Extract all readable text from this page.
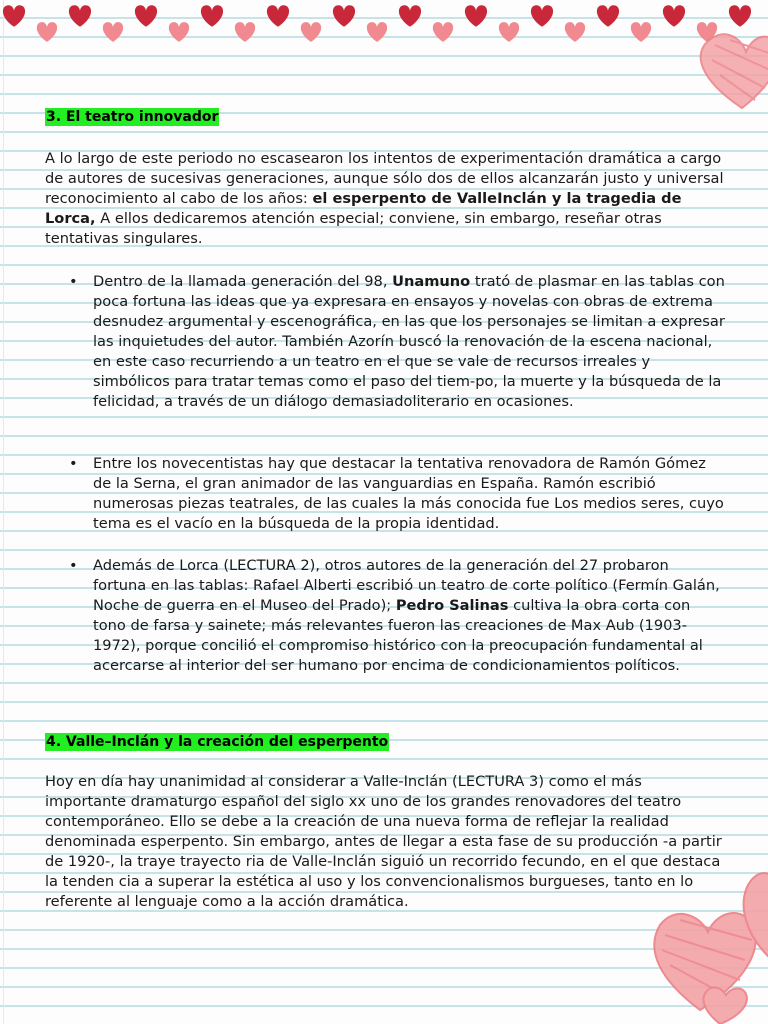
3. El teatro innovador

A lo largo de este periodo no escasearon los intentos de experimentación dramática a cargo de autores de sucesivas generaciones, aunque sólo dos de ellos alcanzarán justo y universal reconocimiento al cabo de los años: el esperpento de ValleInclán y la tragedia de Lorca, A ellos dedicaremos atención especial; conviene, sin embargo, reseñar otras tentativas singulares.

• Dentro de la llamada generación del 98, Unamuno trató de plasmar en las tablas con poca fortuna las ideas que ya expresara en ensayos y novelas con obras de extrema desnudez argumental y escenográfica, en las que los personajes se limitan a expresar las inquietudes del autor. También Azorín buscó la renovación de la escena nacional, en este caso recurriendo a un teatro en el que se vale de recursos irreales y simbólicos para tratar temas como el paso del tiem-po, la muerte y la búsqueda de la felicidad, a través de un diálogo demasiadoliterario en ocasiones.
• Entre los novecentistas hay que destacar la tentativa renovadora de Ramón Gómez de la Serna, el gran animador de las vanguardias en España. Ramón escribió numerosas piezas teatrales, de las cuales la más conocida fue Los medios seres, cuyo tema es el vacío en la búsqueda de la propia identidad.
• Además de Lorca (LECTURA 2), otros autores de la generación del 27 probaron fortuna en las tablas: Rafael Alberti escribió un teatro de corte político (Fermín Galán, Noche de guerra en el Museo del Prado); Pedro Salinas cultiva la obra corta con tono de farsa y sainete; más relevantes fueron las creaciones de Max Aub (1903-1972), porque concilió el compromiso histórico con la preocupación fundamental al acercarse al interior del ser humano por encima de condicionamientos políticos.
4. Valle–Inclán y la creación del esperpento

Hoy en día hay unanimidad al considerar a Valle-Inclán (LECTURA 3) como el más importante dramaturgo español del siglo xx uno de los grandes renovadores del teatro contemporáneo. Ello se debe a la creación de una nueva forma de reflejar la realidad denominada esperpento. Sin embargo, antes de llegar a esta fase de su producción -a partir de 1920-, la traye trayecto ria de Valle-Inclán siguió un recorrido fecundo, en el que destaca la tenden cia a superar la estética al uso y los convencionalismos burgueses, tanto en lo referente al lenguaje como a la acción dramática.
